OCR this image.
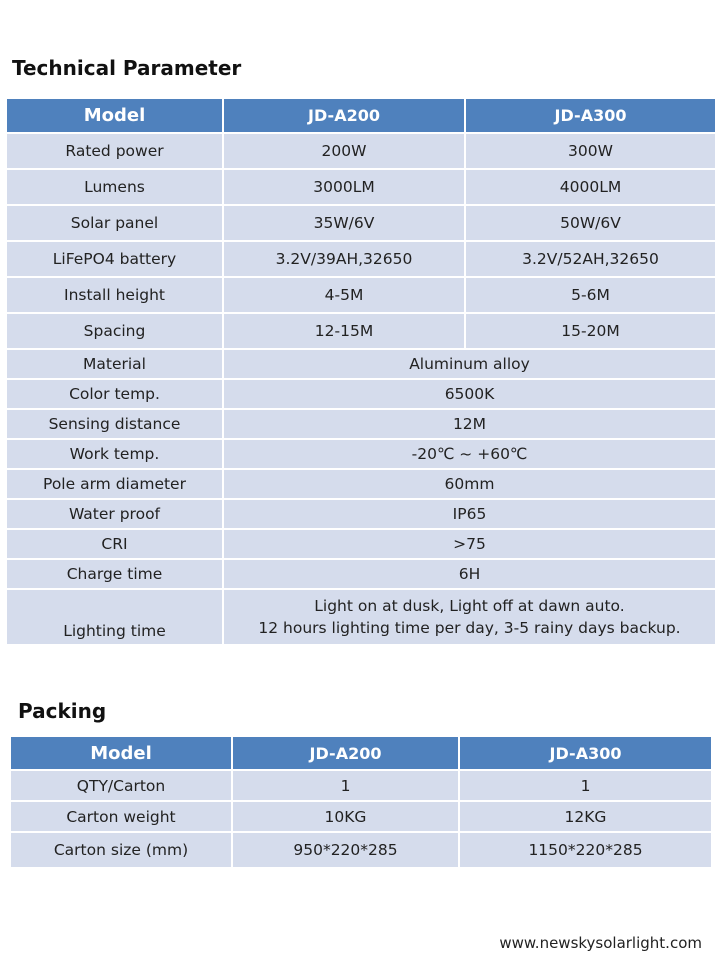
Technical Parameter
Model	JD-A200	JD-A300
Rated power	200W	300W
Lumens	3000LM	4000LM
Solar panel	35W/6V	50W/6V
LiFePO4 battery	3.2V/39AH,32650	3.2V/52AH,32650
Install height	4-5M	5-6M
Spacing	12-15M	15-20M
Material	Aluminum alloy	
Color temp.	6500K	
Sensing distance	12M	
Work temp.	-20℃ ~ +60℃	
Pole arm diameter	60mm	
Water proof	IP65	
CRI	>75	
Charge time	6H	
Lighting time	Light on at dusk, Light off at dawn auto.
12 hours lighting time per day, 3-5 rainy days backup.	
Packing
Model	JD-A200	JD-A300
QTY/Carton	1	1
Carton weight	10KG	12KG
Carton size (mm)	950*220*285	1150*220*285
www.newskysolarlight.com
